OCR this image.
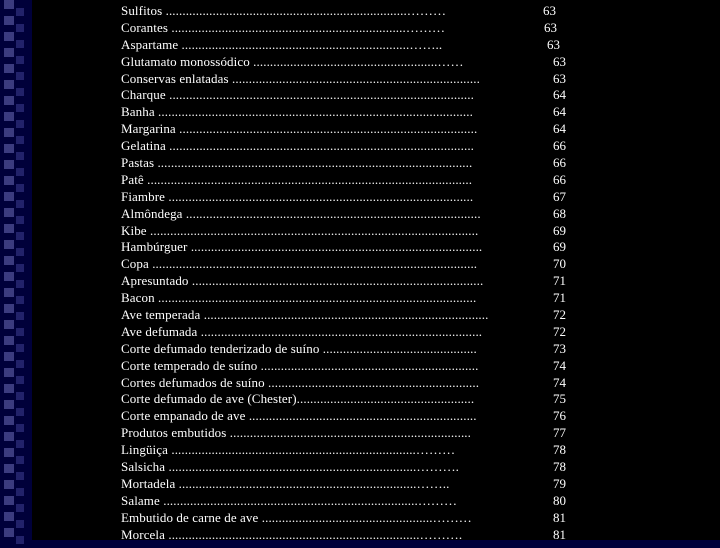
Sulfitos ........................................................................………	63
Corantes ......................................................................………	63
Aspartame ....................................................................……..	63
Glutamato monossódico .......................................................……	63
Conservas enlatadas ..........................................................................	63
Charque ...........................................................................................	64
Banha ..............................................................................................	64
Margarina .........................................................................................	64
Gelatina ...........................................................................................	66
Pastas ..............................................................................................	66
Patê .................................................................................................	66
Fiambre ...........................................................................................	67
Almôndega ........................................................................................	68
Kibe ..................................................................................................	69
Hambúrguer .......................................................................................	69
Copa .................................................................................................	70
Apresuntado .......................................................................................	71
Bacon ...............................................................................................	71
Ave temperada .....................................................................................	72
Ave defumada ....................................................................................	72
Corte defumado tenderizado de suíno ..............................................	73
Corte temperado de suíno .................................................................	74
Cortes defumados de suíno ...............................................................	74
Corte defumado de ave (Chester).....................................................	75
Corte empanado de ave ....................................................................	76
Produtos embutidos ........................................................................	77
Lingüiça .........................................................................………	78
Salsicha ..........................................................................……….	78
Mortadela .......................................................................……..	79
Salame ............................................................................………	80
Embutido de carne de ave ...................................................………	81
Morcela ...........................................................................……….	81
